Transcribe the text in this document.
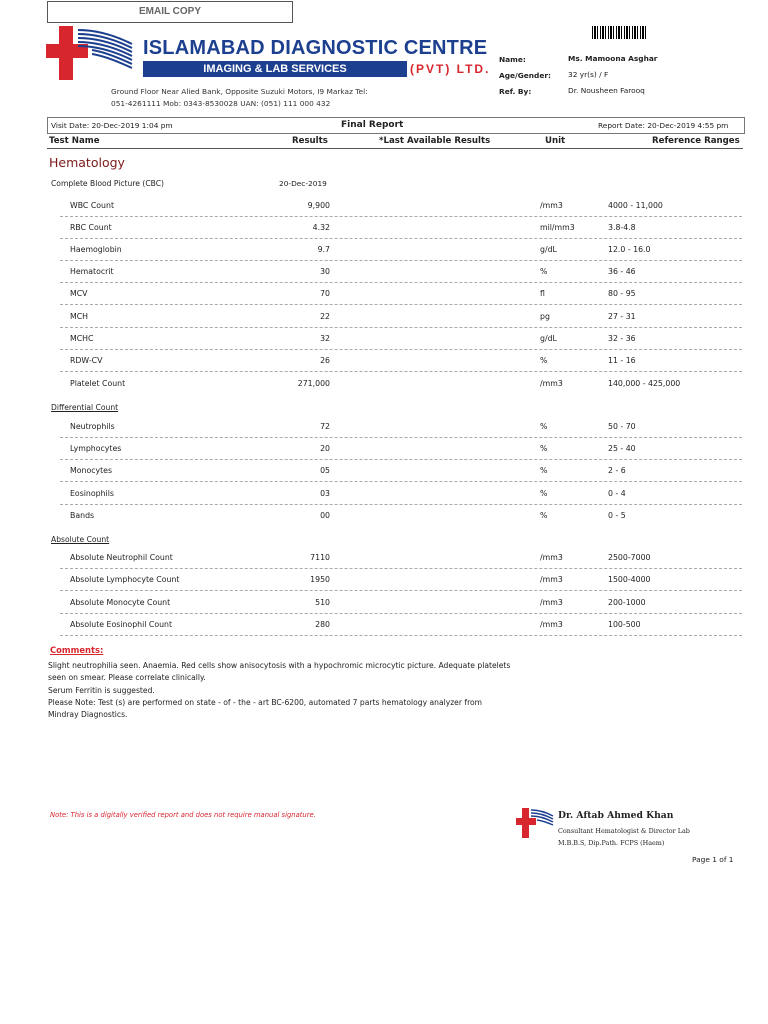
EMAIL COPY
ISLAMABAD DIAGNOSTIC CENTRE
IMAGING & LAB SERVICES	(PVT) LTD.
Ground Floor Near Alied Bank, Opposite Suzuki Motors, I9 Markaz Tel:
051-4261111 Mob: 0343-8530028 UAN: (051) 111 000 432
Name:	Ms. Mamoona Asghar
Age/Gender: 32 yr(s) / F
Ref. By:	Dr. Nousheen Farooq
Visit Date: 20-Dec-2019 1:04 pm	Final Report	Report Date: 20-Dec-2019 4:55 pm
Test Name	Results	*Last Available Results	Unit	Reference Ranges
Hematology
Complete Blood Picture (CBC)	20-Dec-2019
WBC Count	9,900	/mm3	4000 - 11,000
RBC Count	4.32	mil/mm3	3.8-4.8
Haemoglobin	9.7	g/dL	12.0 - 16.0
Hematocrit	30	%	36 - 46
MCV	70	fl	80 - 95
MCH	22	pg	27 - 31
MCHC	32	g/dL	32 - 36
RDW-CV	26	%	11 - 16
Platelet Count	271,000	/mm3	140,000 - 425,000
Differential Count
Neutrophils	72	%	50 - 70
Lymphocytes	20	%	25 - 40
Monocytes	05	%	2 - 6
Eosinophils	03	%	0 - 4
Bands	00	%	0 - 5
Absolute Count
Absolute Neutrophil Count	7110	/mm3	2500-7000
Absolute Lymphocyte Count	1950	/mm3	1500-4000
Absolute Monocyte Count	510	/mm3	200-1000
Absolute Eosinophil Count	280	/mm3	100-500
Comments:
Slight neutrophilia seen. Anaemia. Red cells show anisocytosis with a hypochromic microcytic picture. Adequate platelets
seen on smear. Please correlate clinically.
Serum Ferritin is suggested.
Please Note: Test (s) are performed on state - of - the - art BC-6200, automated 7 parts hematology analyzer from
Mindray Diagnostics.
Note: This is a digitally verified report and does not require manual signature.	Dr. Aftab Ahmed Khan
Consultant Hematologist & Director Lab
M.B.B.S, Dip.Path. FCPS (Haem)
Page 1 of 1
